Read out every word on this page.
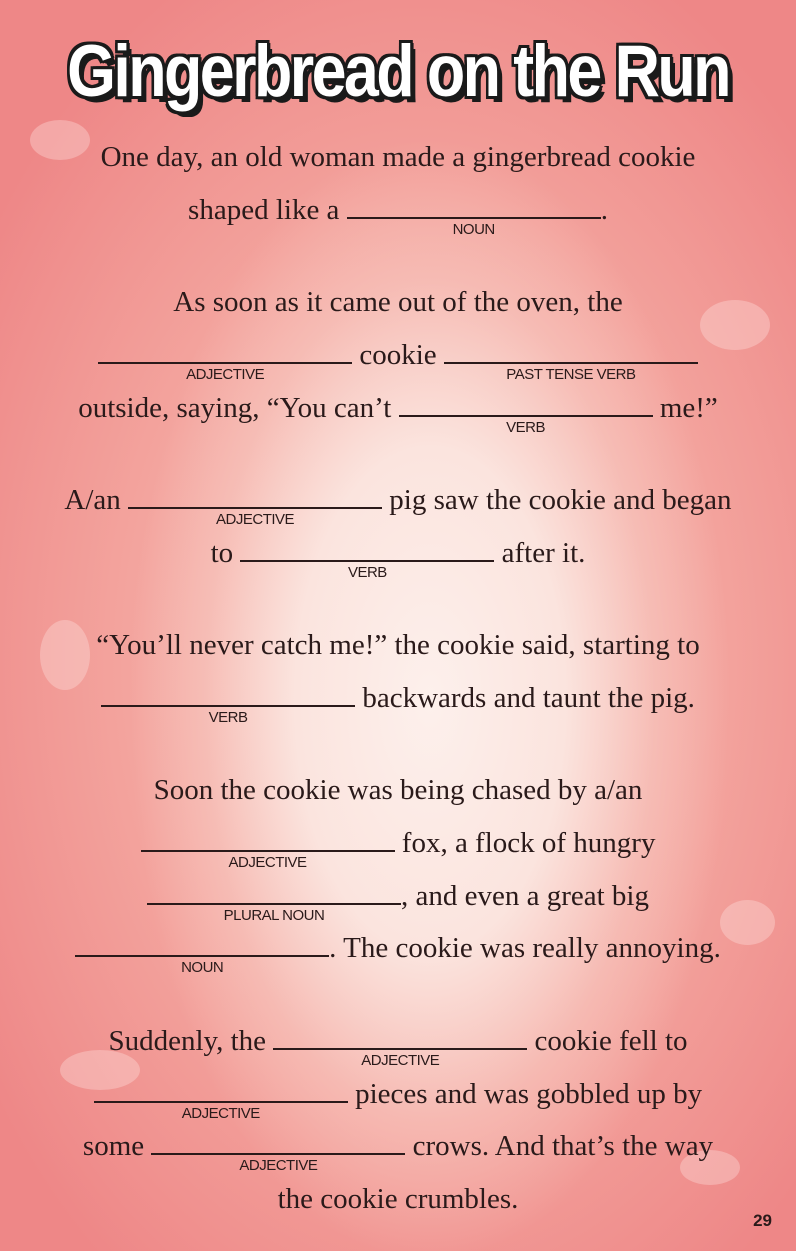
Gingerbread on the Run
One day, an old woman made a gingerbread cookie
shaped like a
NOUN
.
As soon as it came out of the oven, the
ADJECTIVE
cookie
PAST TENSE VERB
outside, saying, “You can’t
VERB
me!”
A/an
ADJECTIVE
pig saw the cookie and began
to
VERB
after it.
“You’ll never catch me!” the cookie said, starting to
VERB
backwards and taunt the pig.
Soon the cookie was being chased by a/an
ADJECTIVE
fox, a flock of hungry
PLURAL NOUN
, and even a great big
NOUN
. The cookie was really annoying.
Suddenly, the
ADJECTIVE
cookie fell to
ADJECTIVE
pieces and was gobbled up by
some
ADJECTIVE
crows. And that’s the way
the cookie crumbles.
29
